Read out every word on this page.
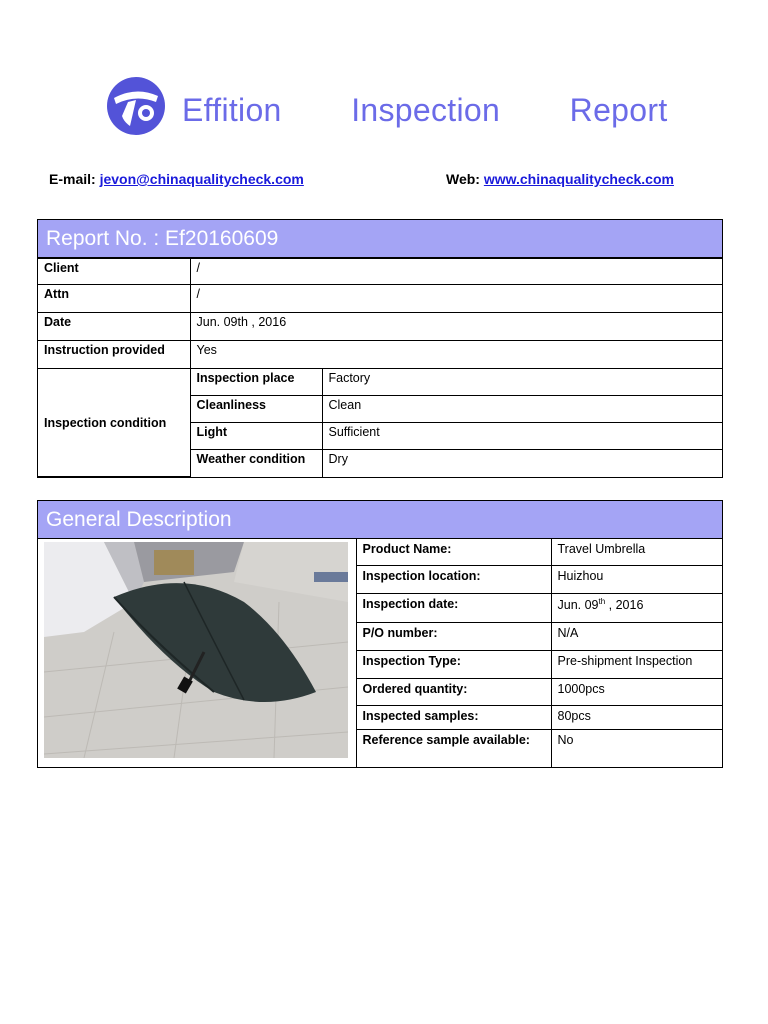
Effition   Inspection   Report
E-mail: jevon@chinaqualitycheck.com	Web: www.chinaqualitycheck.com
Report No. : Ef20160609
Client	/	
Attn	/	
Date	Jun. 09th , 2016	
Instruction provided	Yes	
Inspection condition	Inspection place	Factory
	Cleanliness	Clean
	Light	Sufficient
	Weather condition	Dry
General Description
	Product Name:	Travel Umbrella
	Inspection location:	Huizhou
	Inspection date:	Jun. 09th , 2016
	P/O number:	N/A
	Inspection Type:	Pre-shipment Inspection
	Ordered quantity:	1000pcs
	Inspected samples:	80pcs
	Reference sample available:	No
